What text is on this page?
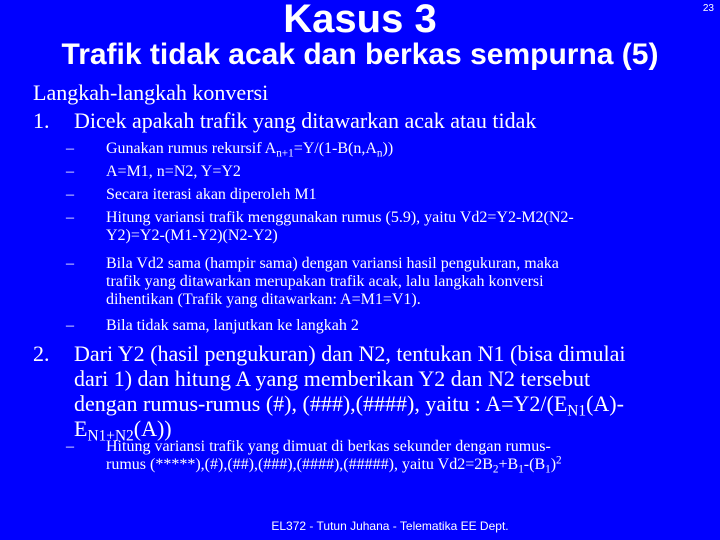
Kasus 3
Trafik tidak acak dan berkas sempurna (5)
23
Langkah-langkah konversi
1. Dicek apakah trafik yang ditawarkan acak atau tidak
– Gunakan rumus rekursif $A_{n+1}=Y/(1-B(n,A_n))$
– A=M1, n=N2, Y=Y2
– Secara iterasi akan diperoleh M1
– Hitung variansi trafik menggunakan rumus (5.9), yaitu Vd2=Y2-M2(N2-
Y2)=Y2-(M1-Y2)(N2-Y2)
– Bila Vd2 sama (hampir sama) dengan variansi hasil pengukuran, maka
trafik yang ditawarkan merupakan trafik acak, lalu langkah konversi
dihentikan (Trafik yang ditawarkan: A=M1=V1).
– Bila tidak sama, lanjutkan ke langkah 2
2. Dari Y2 (hasil pengukuran) dan N2, tentukan N1 (bisa dimulai
dari 1) dan hitung A yang memberikan Y2 dan N2 tersebut
dengan rumus-rumus (#), (###),(####), yaitu : $A=Y2/(E_{N1}(A)-$
$E_{N1+N2}(A)$)
– Hitung variansi trafik yang dimuat di berkas sekunder dengan rumus-
rumus (*****),(#),(##),(###),(####),(#####), yaitu $Vd2=2B_2+B_1-(B_1)^2$
EL372 - Tutun Juhana - Telematika EE Dept.
